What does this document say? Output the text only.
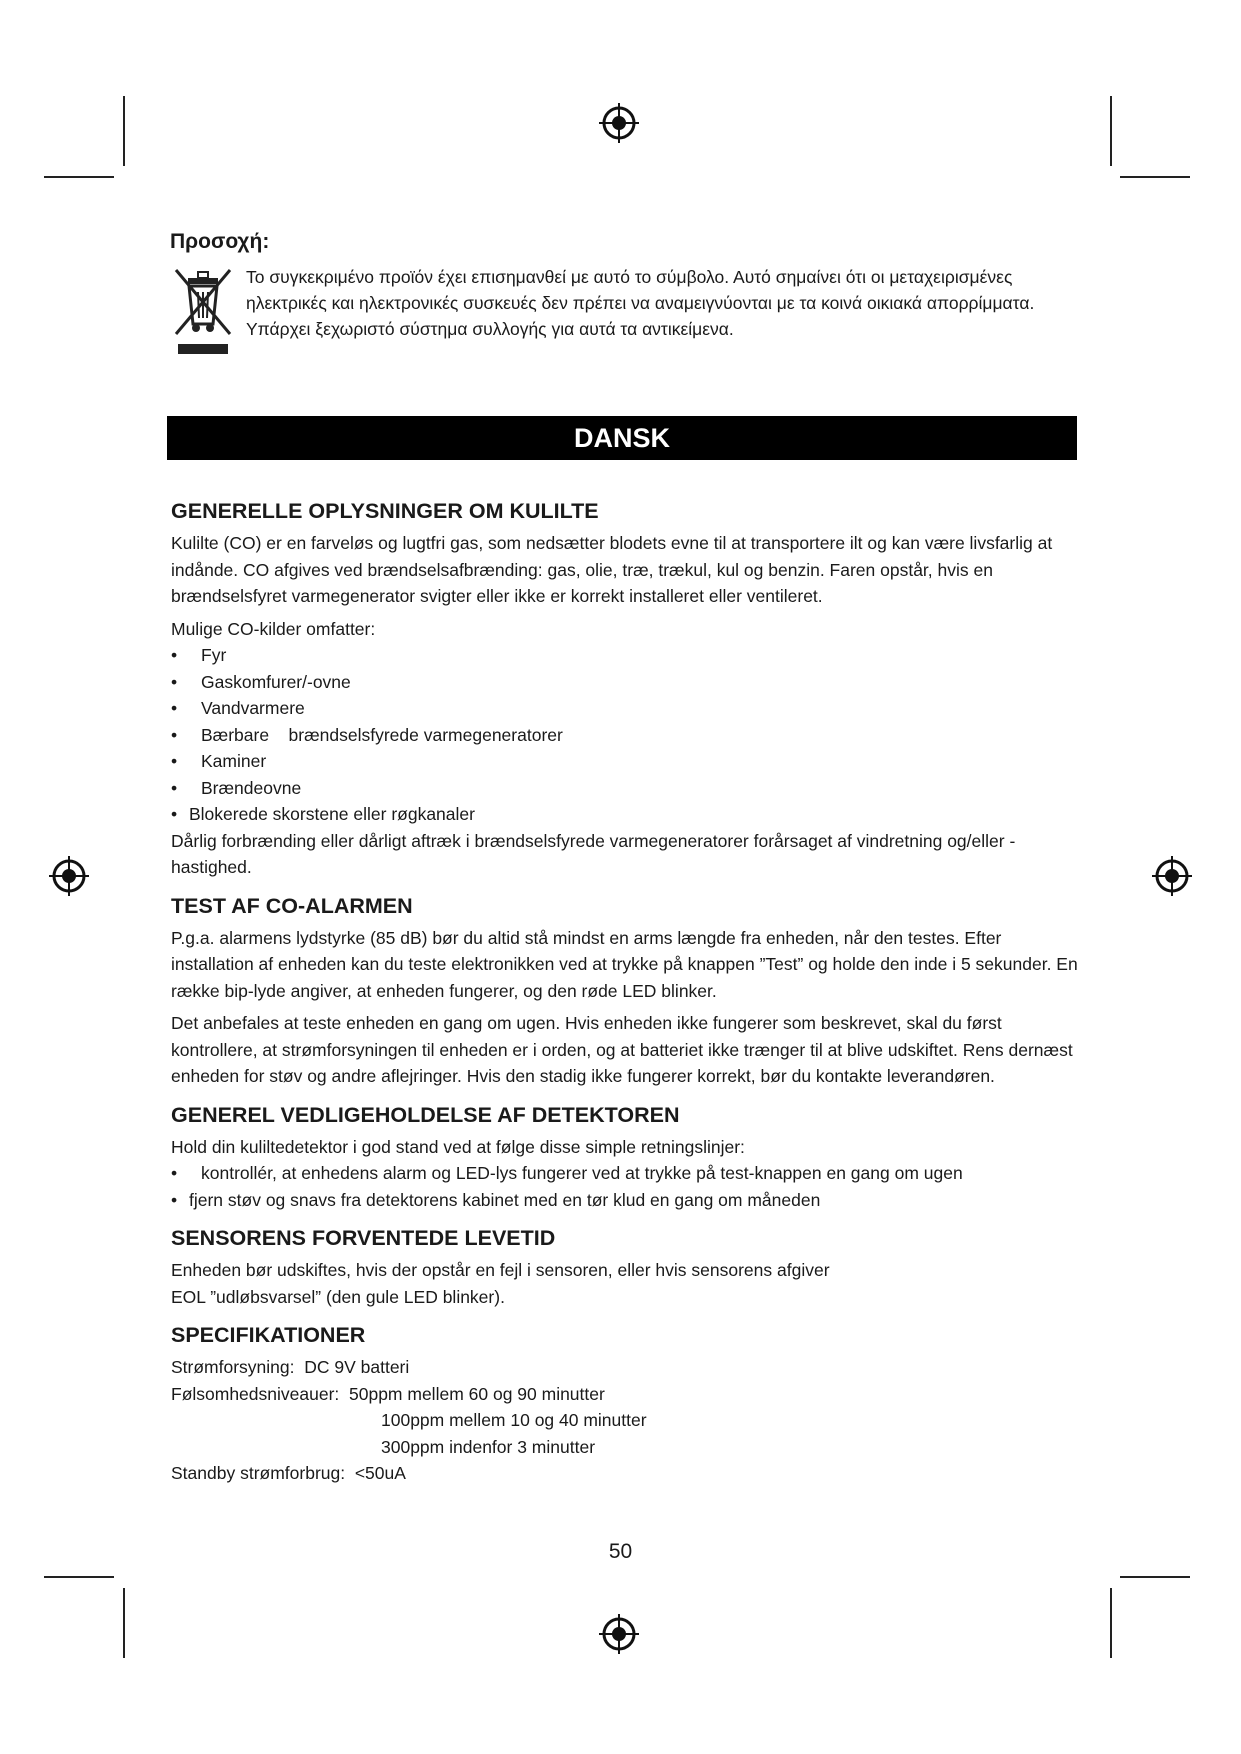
Προσοχή:
Το συγκεκριμένο προϊόν έχει επισημανθεί με αυτό το σύμβολο. Αυτό σημαίνει ότι οι μεταχειρισμένες ηλεκτρικές και ηλεκτρονικές συσκευές δεν πρέπει να αναμειγνύονται με τα κοινά οικιακά απορρίμματα. Υπάρχει ξεχωριστό σύστημα συλλογής για αυτά τα αντικείμενα.
DANSK
GENERELLE OPLYSNINGER OM KULILTE

Kulilte (CO) er en farveløs og lugtfri gas, som nedsætter blodets evne til at transportere ilt og kan være livsfarlig at indånde. CO afgives ved brændselsafbrænding: gas, olie, træ, trækul, kul og benzin. Faren opstår, hvis en brændselsfyret varmegenerator svigter eller ikke er korrekt installeret eller ventileret.

Mulige CO-kilder omfatter:

• Fyr
• Gaskomfurer/-ovne
• Vandvarmere
• Bærbare    brændselsfyrede varmegeneratorer
• Kaminer
• Brændeovne
• Blokerede skorstene eller røgkanaler

Dårlig forbrænding eller dårligt aftræk i brændselsfyrede varmegeneratorer forårsaget af vindretning og/eller -hastighed.

TEST AF CO-ALARMEN

P.g.a. alarmens lydstyrke (85 dB) bør du altid stå mindst en arms længde fra enheden, når den testes. Efter installation af enheden kan du teste elektronikken ved at trykke på knappen ”Test” og holde den inde i 5 sekunder. En række bip-lyde angiver, at enheden fungerer, og den røde LED blinker.

Det anbefales at teste enheden en gang om ugen. Hvis enheden ikke fungerer som beskrevet, skal du først kontrollere, at strømforsyningen til enheden er i orden, og at batteriet ikke trænger til at blive udskiftet. Rens dernæst enheden for støv og andre aflejringer. Hvis den stadig ikke fungerer korrekt, bør du kontakte leverandøren.

GENEREL VEDLIGEHOLDELSE AF DETEKTOREN

Hold din kuliltedetektor i god stand ved at følge disse simple retningslinjer:

• kontrollér, at enhedens alarm og LED-lys fungerer ved at trykke på test-knappen en gang om ugen
• fjern støv og snavs fra detektorens kabinet med en tør klud en gang om måneden
SENSORENS FORVENTEDE LEVETID

Enheden bør udskiftes, hvis der opstår en fejl i sensoren, eller hvis sensorens afgiver
EOL ”udløbsvarsel” (den gule LED blinker).

SPECIFIKATIONER
Strømforsyning: DC 9V batteri
Følsomhedsniveauer: 50ppm mellem 60 og 90 minutter
100ppm mellem 10 og 40 minutter
300ppm indenfor 3 minutter
Standby strømforbrug: <50uA
50
